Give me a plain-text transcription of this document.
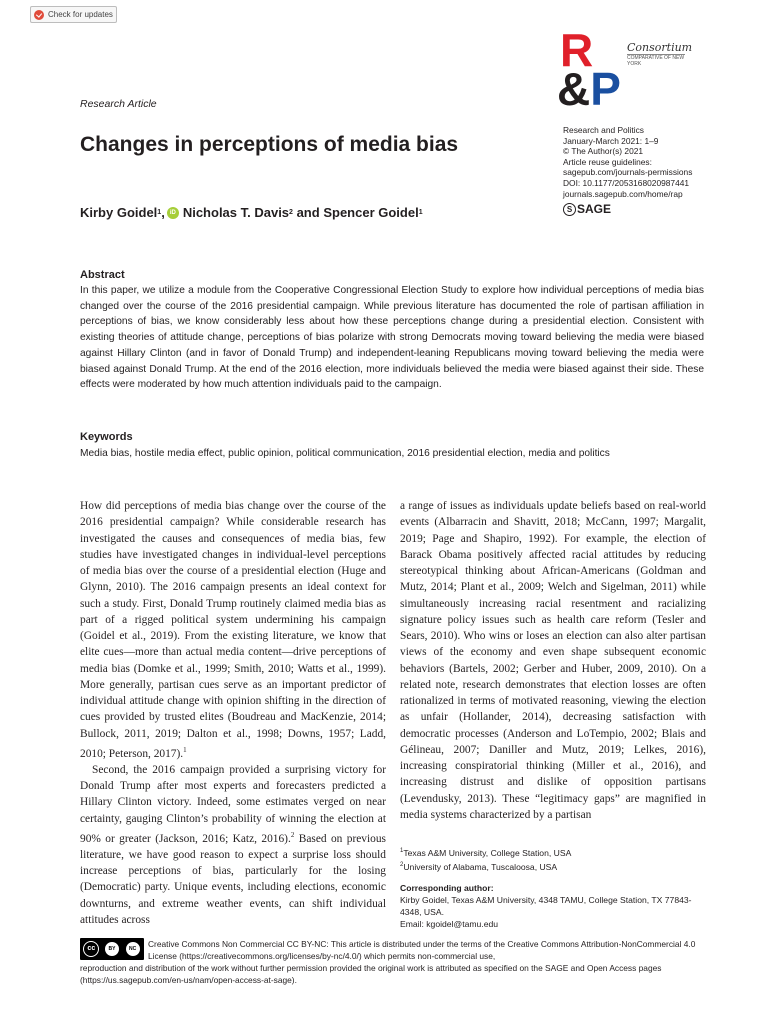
Check for updates
Research Article
R
&P
Consortium
COMPARATIVE OF NEW YORK
Research and Politics
January-March 2021: 1–9
© The Author(s) 2021
Article reuse guidelines:
sagepub.com/journals-permissions
DOI: 10.1177/2053168020987441
journals.sagepub.com/home/rap
S SAGE
Changes in perceptions of media bias
Kirby Goidel 1 , iD Nicholas T. Davis 2
and
Spencer Goidel 1
Abstract
In this paper, we utilize a module from the Cooperative Congressional Election Study to explore how individual perceptions of media bias changed over the course of the 2016 presidential campaign. While previous literature has documented the role of partisan affiliation in perceptions of bias, we know considerably less about how these perceptions change during a presidential election. Consistent with existing theories of attitude change, perceptions of bias polarize with strong Democrats moving toward believing the media were biased against Hillary Clinton (and in favor of Donald Trump) and independent-leaning Republicans moving toward believing the media were biased against Donald Trump. At the end of the 2016 election, more individuals believed the media were biased against their side. These effects were moderated by how much attention individuals paid to the campaign.
Keywords
Media bias, hostile media effect, public opinion, political communication, 2016 presidential election, media and politics

How did perceptions of media bias change over the course of the 2016 presidential campaign? While considerable research has investigated the causes and consequences of media bias, few studies have investigated changes in individual-level perceptions of media bias over the course of a presidential election (Huge and Glynn, 2010). The 2016 campaign presents an ideal context for such a study. First, Donald Trump routinely claimed media bias as part of a rigged political system undermining his campaign (Goidel et al., 2019). From the existing literature, we know that elite cues—more than actual media content—drive perceptions of media bias (Domke et al., 1999; Smith, 2010; Watts et al., 1999). More generally, partisan cues serve as an important predictor of individual attitude change with opinion shifting in the direction of cues provided by trusted elites (Boudreau and MacKenzie, 2014; Bullock, 2011, 2019; Dalton et al., 1998; Downs, 1957; Ladd, 2010; Peterson, 2017).$^1$

Second, the 2016 campaign provided a surprising victory for Donald Trump after most experts and forecasters predicted a Hillary Clinton victory. Indeed, some estimates verged on near certainty, gauging Clinton’s probability of winning the election at 90% or greater (Jackson, 2016; Katz, 2016).$^2$ Based on previous literature, we have good reason to expect a surprise loss should increase perceptions of bias, particularly for the losing (Democratic) party. Unique events, including elections, economic downturns, and extreme weather events, can shift individual attitudes across

a range of issues as individuals update beliefs based on real-world events (Albarracin and Shavitt, 2018; McCann, 1997; Margalit, 2019; Page and Shapiro, 1992). For example, the election of Barack Obama positively affected racial attitudes by reducing stereotypical thinking about African-Americans (Goldman and Mutz, 2014; Plant et al., 2009; Welch and Sigelman, 2011) while simultaneously increasing racial resentment and racializing signature policy issues such as health care reform (Tesler and Sears, 2010). Who wins or loses an election can also alter partisan views of the economy and even shape subsequent economic behaviors (Bartels, 2002; Gerber and Huber, 2009, 2010). On a related note, research demonstrates that election losses are often rationalized in terms of motivated reasoning, viewing the election as unfair (Hollander, 2014), decreasing satisfaction with democratic processes (Anderson and LoTempio, 2002; Blais and Gélineau, 2007; Daniller and Mutz, 2019; Lelkes, 2016), increasing conspiratorial thinking (Miller et al., 2016), and increasing distrust and dislike of opposition partisans (Levendusky, 2013). These “legitimacy gaps” are magnified in media systems characterized by a partisan

$^1$Texas A&M University, College Station, USA
$^2$University of Alabama, Tuscaloosa, USA
Corresponding author:
Kirby Goidel, Texas A&M University, 4348 TAMU, College Station, TX 77843-4348, USA.
Email: kgoidel@tamu.edu
cc	BY	NC	Creative Commons Non Commercial CC BY-NC: This article is distributed under the terms of the Creative Commons Attribution-NonCommercial 4.0 License (https://creativecommons.org/licenses/by-nc/4.0/) which permits non-commercial use,
reproduction and distribution of the work without further permission provided the original work is attributed as specified on the SAGE and Open Access pages (https://us.sagepub.com/en-us/nam/open-access-at-sage).
